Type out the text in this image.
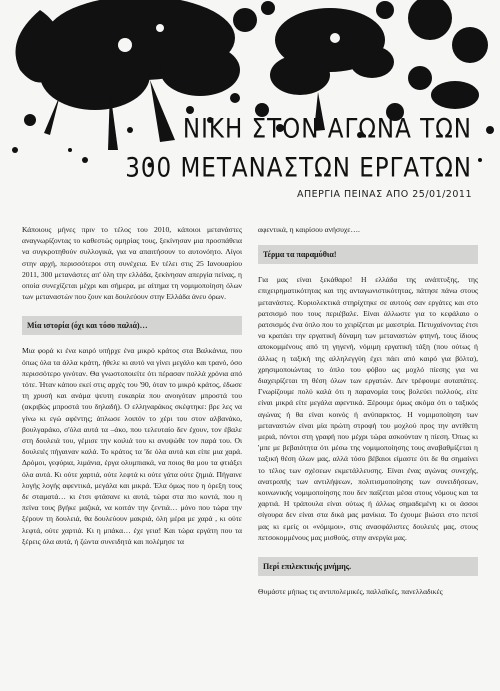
ΝΙΚΗ ΣΤΟΝ ΑΓΩΝΑ ΤΩΝ
300 ΜΕΤΑΝΑΣΤΩΝ ΕΡΓΑΤΩΝ
ΑΠΕΡΓΙΑ ΠΕΙΝΑΣ ΑΠΟ 25/01/2011

Κάποιους μήνες πριν το τέλος του 2010, κάποιοι μετανάστες αναγνωρίζοντας το καθεστώς ομηρίας τους, ξεκίνησαν μια προσπάθεια να συγκροτηθούν συλλογικά, για να απαιτήσουν το αυτονόητο. Λίγοι στην αρχή, περισσότεροι στη συνέχεια. Εν τέλει στις 25 Ιανουαρίου 2011, 300 μετανάστες απ' όλη την ελλάδα, ξεκίνησαν απεργία πείνας, η οποία συνεχίζεται μέχρι και σήμερα, με αίτημα τη νομιμοποίηση όλων των μεταναστών που ζουν και δουλεύουν στην Ελλάδα άνευ όρων.

Μία ιστορία (όχι και τόσο παλιά)…

Μια φορά κι ένα καιρό υπήρχε ένα μικρό κράτος στα Βαλκάνια, που όπως όλα τα άλλα κράτη, ήθελε κι αυτό να γίνει μεγάλο και τρανό, όσο περισσότερο γινόταν. Θα γνωστοποιείτε ότι πέρασαν πολλά χρόνια από τότε. Ήταν κάπου εκεί στις αρχές του '90, όταν το μικρό κράτος, έδωσε τη χρυσή και ανάμα ψευτη ευκαιρία που ανοιγόταν μπροστά του (ακριβώς μπροστά του δηλαδή). Ο ελληναράκος σκέφτηκε: βρε λες να γίνω κι εγώ αφέντης; άπλωσε λοιπόν το χέρι του στον αλβανάκο, βουλγαράκο, σ'όλα αυτά τα –άκο, που τελευταίο δεν έχουν, τον έβαλε στη δουλειά του, γέμισε την κοιλιά του κι ανυψώθε τον παρά του. Οι δουλειές πήγαιναν καλά. Το κράτος τα 'δε όλα αυτά και είπε μια χαρά. Δρόμοι, γεφύρια, λιμάνια, έργα ολυμπιακά, να ποιος θα μου τα φτιάξει όλα αυτά. Κι ούτε χαρτιά, ούτε λεφτά κι ούτε γάτα ούτε ζημιά. Πήγαινε λογής λογής αφεντικά, μεγάλα και μικρά. Έλα όμως που η όρεξη τους δε σταματά… κι έτσι φτάσανε κι αυτά, τώρα στα πιο κοντά, που η πείνα τους βγήκε μαζικά, να κοιτάν την ζεντιά… μόνο που τώρα την ξέρουν τη δουλειά, θα δουλεύουν μακριά, όλη μέρα με χαρά , κι ούτε λεφτά, ούτε χαρτιά. Κι η μπάκα… έχε γεια! Και τώρα εργάτη που τα ξέρεις όλα αυτά, ή ζώντα συνειδητά και πολέμησε τα

αφεντικά, η καιρίσου ανήσυχε….

Τέρμα τα παραμύθια!

Για μας είναι ξεκάθαρο! Η ελλάδα της ανάπτυξης, της επιχειρηματικότητας και της ανταγωνιστικότητας, πάτησε πάνω στους μετανάστες. Κυριολεκτικά στηρίχτηκε σε αυτούς σαν εργάτες και στο ρατσισμό που τους περιέβαλε. Είναι άλλωστε για το κεφάλαιο ο ρατσισμός ένα όπλο που το χειρίζεται με μαεστρία. Πετυχαίνοντας έτσι να κρατάει την εργατική δύναμη των μεταναστών φτηνή, τους ίδιους αποκομμένους από τη γηγενή, νόμιμη εργατική τάξη (που ούτως ή άλλως η ταξική της αλληλεγγύη έχει πάει από καιρό για βόλτα), χρησιμοποιώντας το όπλο του φόβου ως μοχλό πίεσης για να διαχειρίζεται τη θέση όλων των εργατών. Δεν τρέφουμε αυταπάτες. Γνωρίζουμε πολύ καλά ότι η παρανομία τους βολεύει πολλούς, είτε είναι μικρά είτε μεγάλα αφεντικά. Ξέρουμε όμως ακόμα ότι ο ταξικός αγώνας ή θα είναι κοινός ή ανύπαρκτος. Η νομιμοποίηση των μεταναστών είναι μία πρώτη στροφή του μοχλού προς την αντίθετη μεριά, πόντοι στη γραφή που μέχρι τώρα ασκούνταν η πίεση. Όπως κι 'μπε με βεβαιότητα ότι μέσω της νομιμοποίησης τους αναβαθμίζεται η ταξική θέση όλων μας, αλλά τόσο βέβαιοι είμαστε ότι δε θα σημαίνει το τέλος των σχέσεων εκμετάλλευσης. Είναι ένας αγώνας συνεχής, ανατροπής των αντιλήψεων, πολιτισμοποίησης των συνειδήσεων, κοινωνικής νομιμοποίησης που δεν παίζεται μέσα στους νόμους και τα χαρτιά. Η τράπουλα είναι ούτως ή άλλως σημαδεμένη κι οι άσσοι σίγουρα δεν είναι στα δικά μας μανίκια. Το έχουμε βιώσει στο πετσί μας κι εμείς οι «νόμιμοι», στις ανασφάλιστες δουλειές μας, στους πετσοκομμένους μας μισθούς, στην ανεργία μας.

Περί επιλεκτικής μνήμης.

Θυμάστε μήπως τις αντιπολεμικές, παλλαϊκές, πανελλαδικές
